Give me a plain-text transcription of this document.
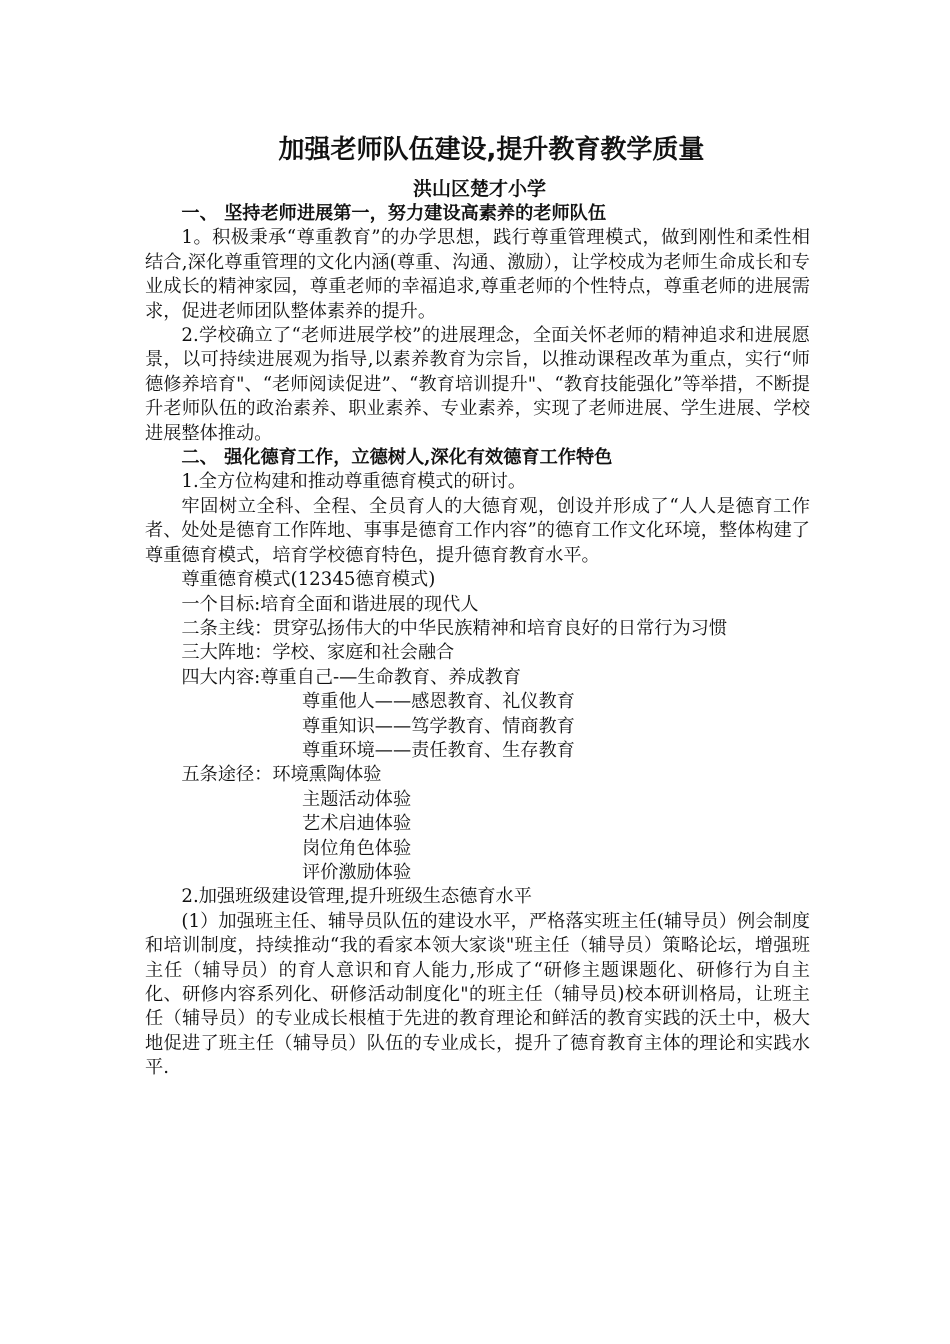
加强老师队伍建设,提升教育教学质量
洪山区楚才小学
一、 坚持老师进展第一，努力建设高素养的老师队伍
1。积极秉承“尊重教育”的办学思想，践行尊重管理模式，做到刚性和柔性相结合,深化尊重管理的文化内涵(尊重、沟通、激励），让学校成为老师生命成长和专业成长的精神家园，尊重老师的幸福追求,尊重老师的个性特点，尊重老师的进展需求，促进老师团队整体素养的提升。
2.学校确立了“老师进展学校”的进展理念，全面关怀老师的精神追求和进展愿景，以可持续进展观为指导,以素养教育为宗旨，以推动课程改革为重点，实行“师德修养培育"、“老师阅读促进”、“教育培训提升"、“教育技能强化”等举措，不断提升老师队伍的政治素养、职业素养、专业素养，实现了老师进展、学生进展、学校进展整体推动。
二、 强化德育工作，立德树人,深化有效德育工作特色
1.全方位构建和推动尊重德育模式的研讨。
牢固树立全科、全程、全员育人的大德育观，创设并形成了“人人是德育工作者、处处是德育工作阵地、事事是德育工作内容”的德育工作文化环境，整体构建了尊重德育模式，培育学校德育特色，提升德育教育水平。
尊重德育模式(12345德育模式)
一个目标:培育全面和谐进展的现代人
二条主线：贯穿弘扬伟大的中华民族精神和培育良好的日常行为习惯
三大阵地：学校、家庭和社会融合
四大内容:尊重自己-—生命教育、养成教育
尊重他人——感恩教育、礼仪教育
尊重知识——笃学教育、情商教育
尊重环境——责任教育、生存教育
五条途径：环境熏陶体验
主题活动体验
艺术启迪体验
岗位角色体验
评价激励体验
2.加强班级建设管理,提升班级生态德育水平
(1）加强班主任、辅导员队伍的建设水平，严格落实班主任(辅导员）例会制度和培训制度，持续推动“我的看家本领大家谈"班主任（辅导员）策略论坛，增强班主任（辅导员）的育人意识和育人能力,形成了“研修主题课题化、研修行为自主化、研修内容系列化、研修活动制度化"的班主任（辅导员)校本研训格局，让班主任（辅导员）的专业成长根植于先进的教育理论和鲜活的教育实践的沃土中，极大地促进了班主任（辅导员）队伍的专业成长，提升了德育教育主体的理论和实践水平.
